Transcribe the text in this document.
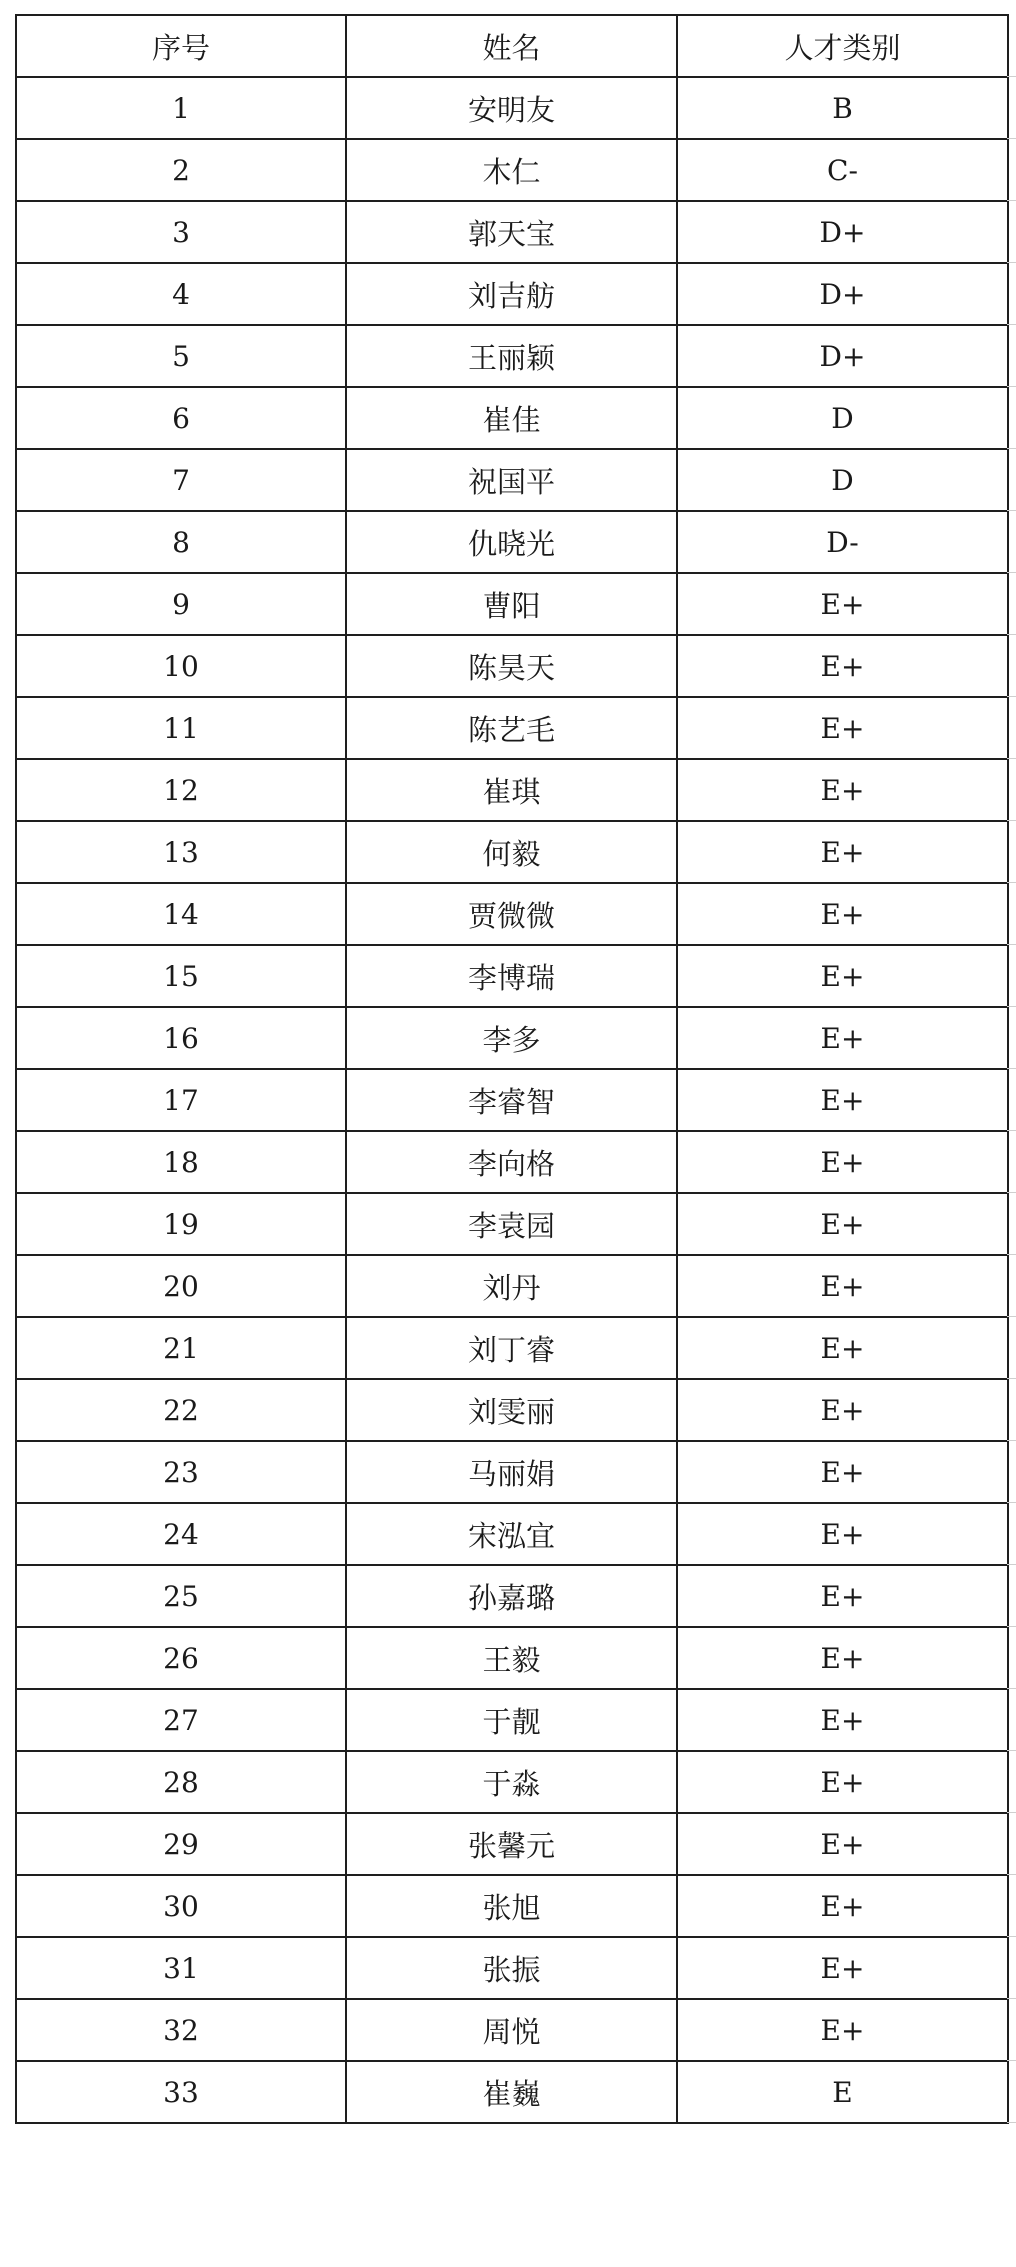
序号	姓名	人才类别
1	安明友	B
2	木仁	C-
3	郭天宝	D+
4	刘吉舫	D+
5	王丽颖	D+
6	崔佳	D
7	祝国平	D
8	仇晓光	D-
9	曹阳	E+
10	陈昊天	E+
11	陈艺毛	E+
12	崔琪	E+
13	何毅	E+
14	贾微微	E+
15	李博瑞	E+
16	李多	E+
17	李睿智	E+
18	李向格	E+
19	李袁园	E+
20	刘丹	E+
21	刘丁睿	E+
22	刘雯丽	E+
23	马丽娟	E+
24	宋泓宜	E+
25	孙嘉璐	E+
26	王毅	E+
27	于靓	E+
28	于淼	E+
29	张馨元	E+
30	张旭	E+
31	张振	E+
32	周悦	E+
33	崔巍	E
